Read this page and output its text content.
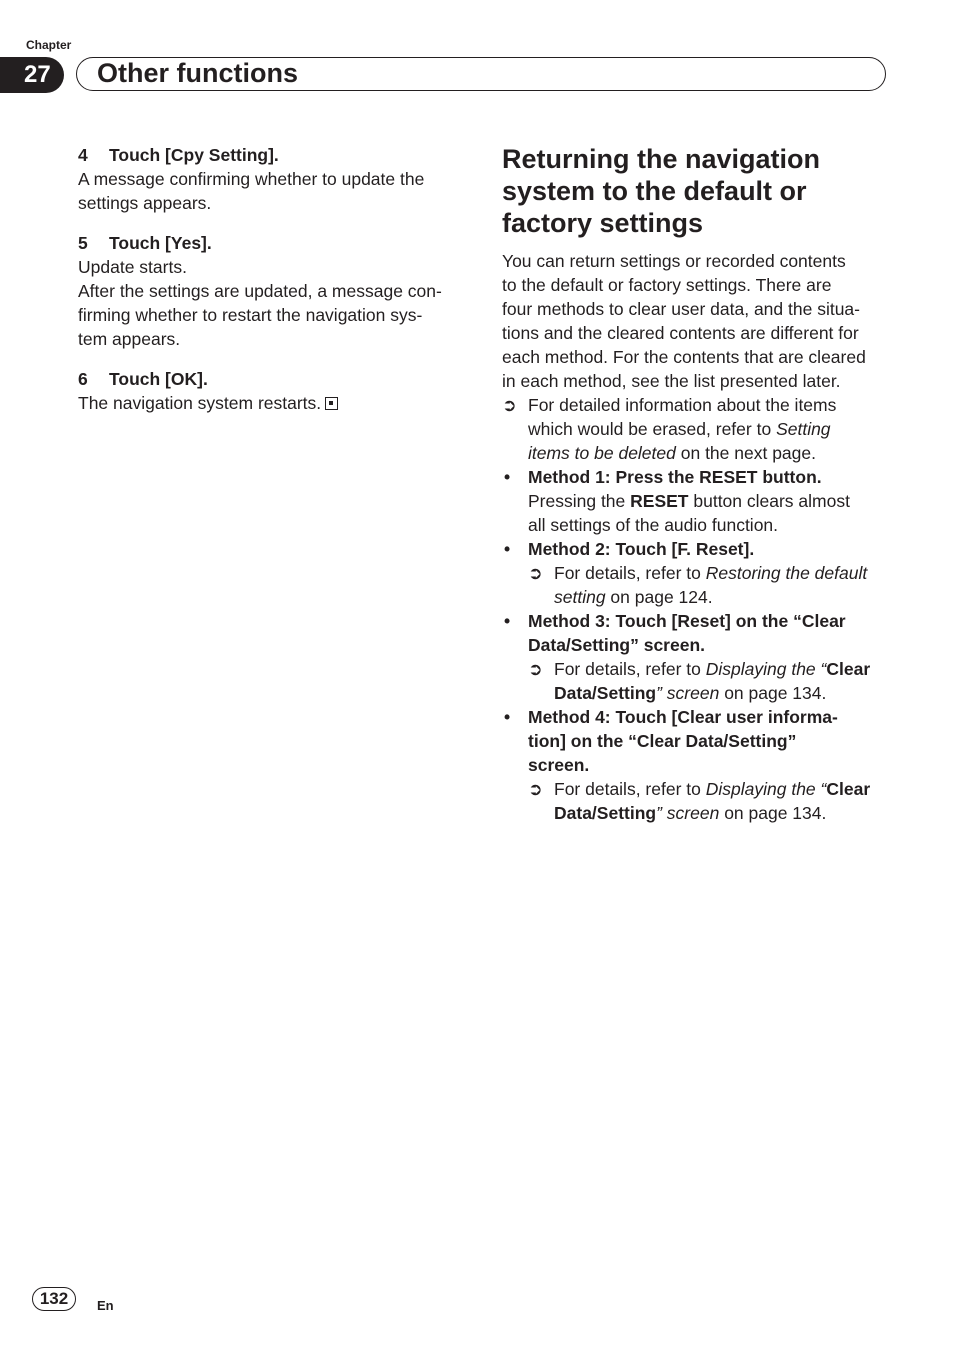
Chapter
27	Other functions

4 Touch [Cpy Setting].

A message confirming whether to update the

settings appears.

5 Touch [Yes].

Update starts.

After the settings are updated, a message con-

firming whether to restart the navigation sys-

tem appears.

6 Touch [OK].

The navigation system restarts.

Returning the navigation
system to the default or
factory settings

You can return settings or recorded contents

to the default or factory settings. There are

four methods to clear user data, and the situa-

tions and the cleared contents are different for

each method. For the contents that are cleared

in each method, see the list presented later.

➲ For detailed information about the items
which would be erased, refer to Setting
items to be deleted on the next page.
•	Method 1: Press the RESET button.
Pressing the RESET button clears almost
all settings of the audio function.
•	Method 2: Touch [F. Reset].
➲ For details, refer to Restoring the default
setting on page 124.
•	Method 3: Touch [Reset] on the “Clear
Data/Setting” screen.
➲ For details, refer to Displaying the “Clear
Data/Setting” screen on page 134.
•	Method 4: Touch [Clear user informa-
tion] on the “Clear Data/Setting”
screen.
➲ For details, refer to Displaying the “Clear
Data/Setting” screen on page 134.
132	En
